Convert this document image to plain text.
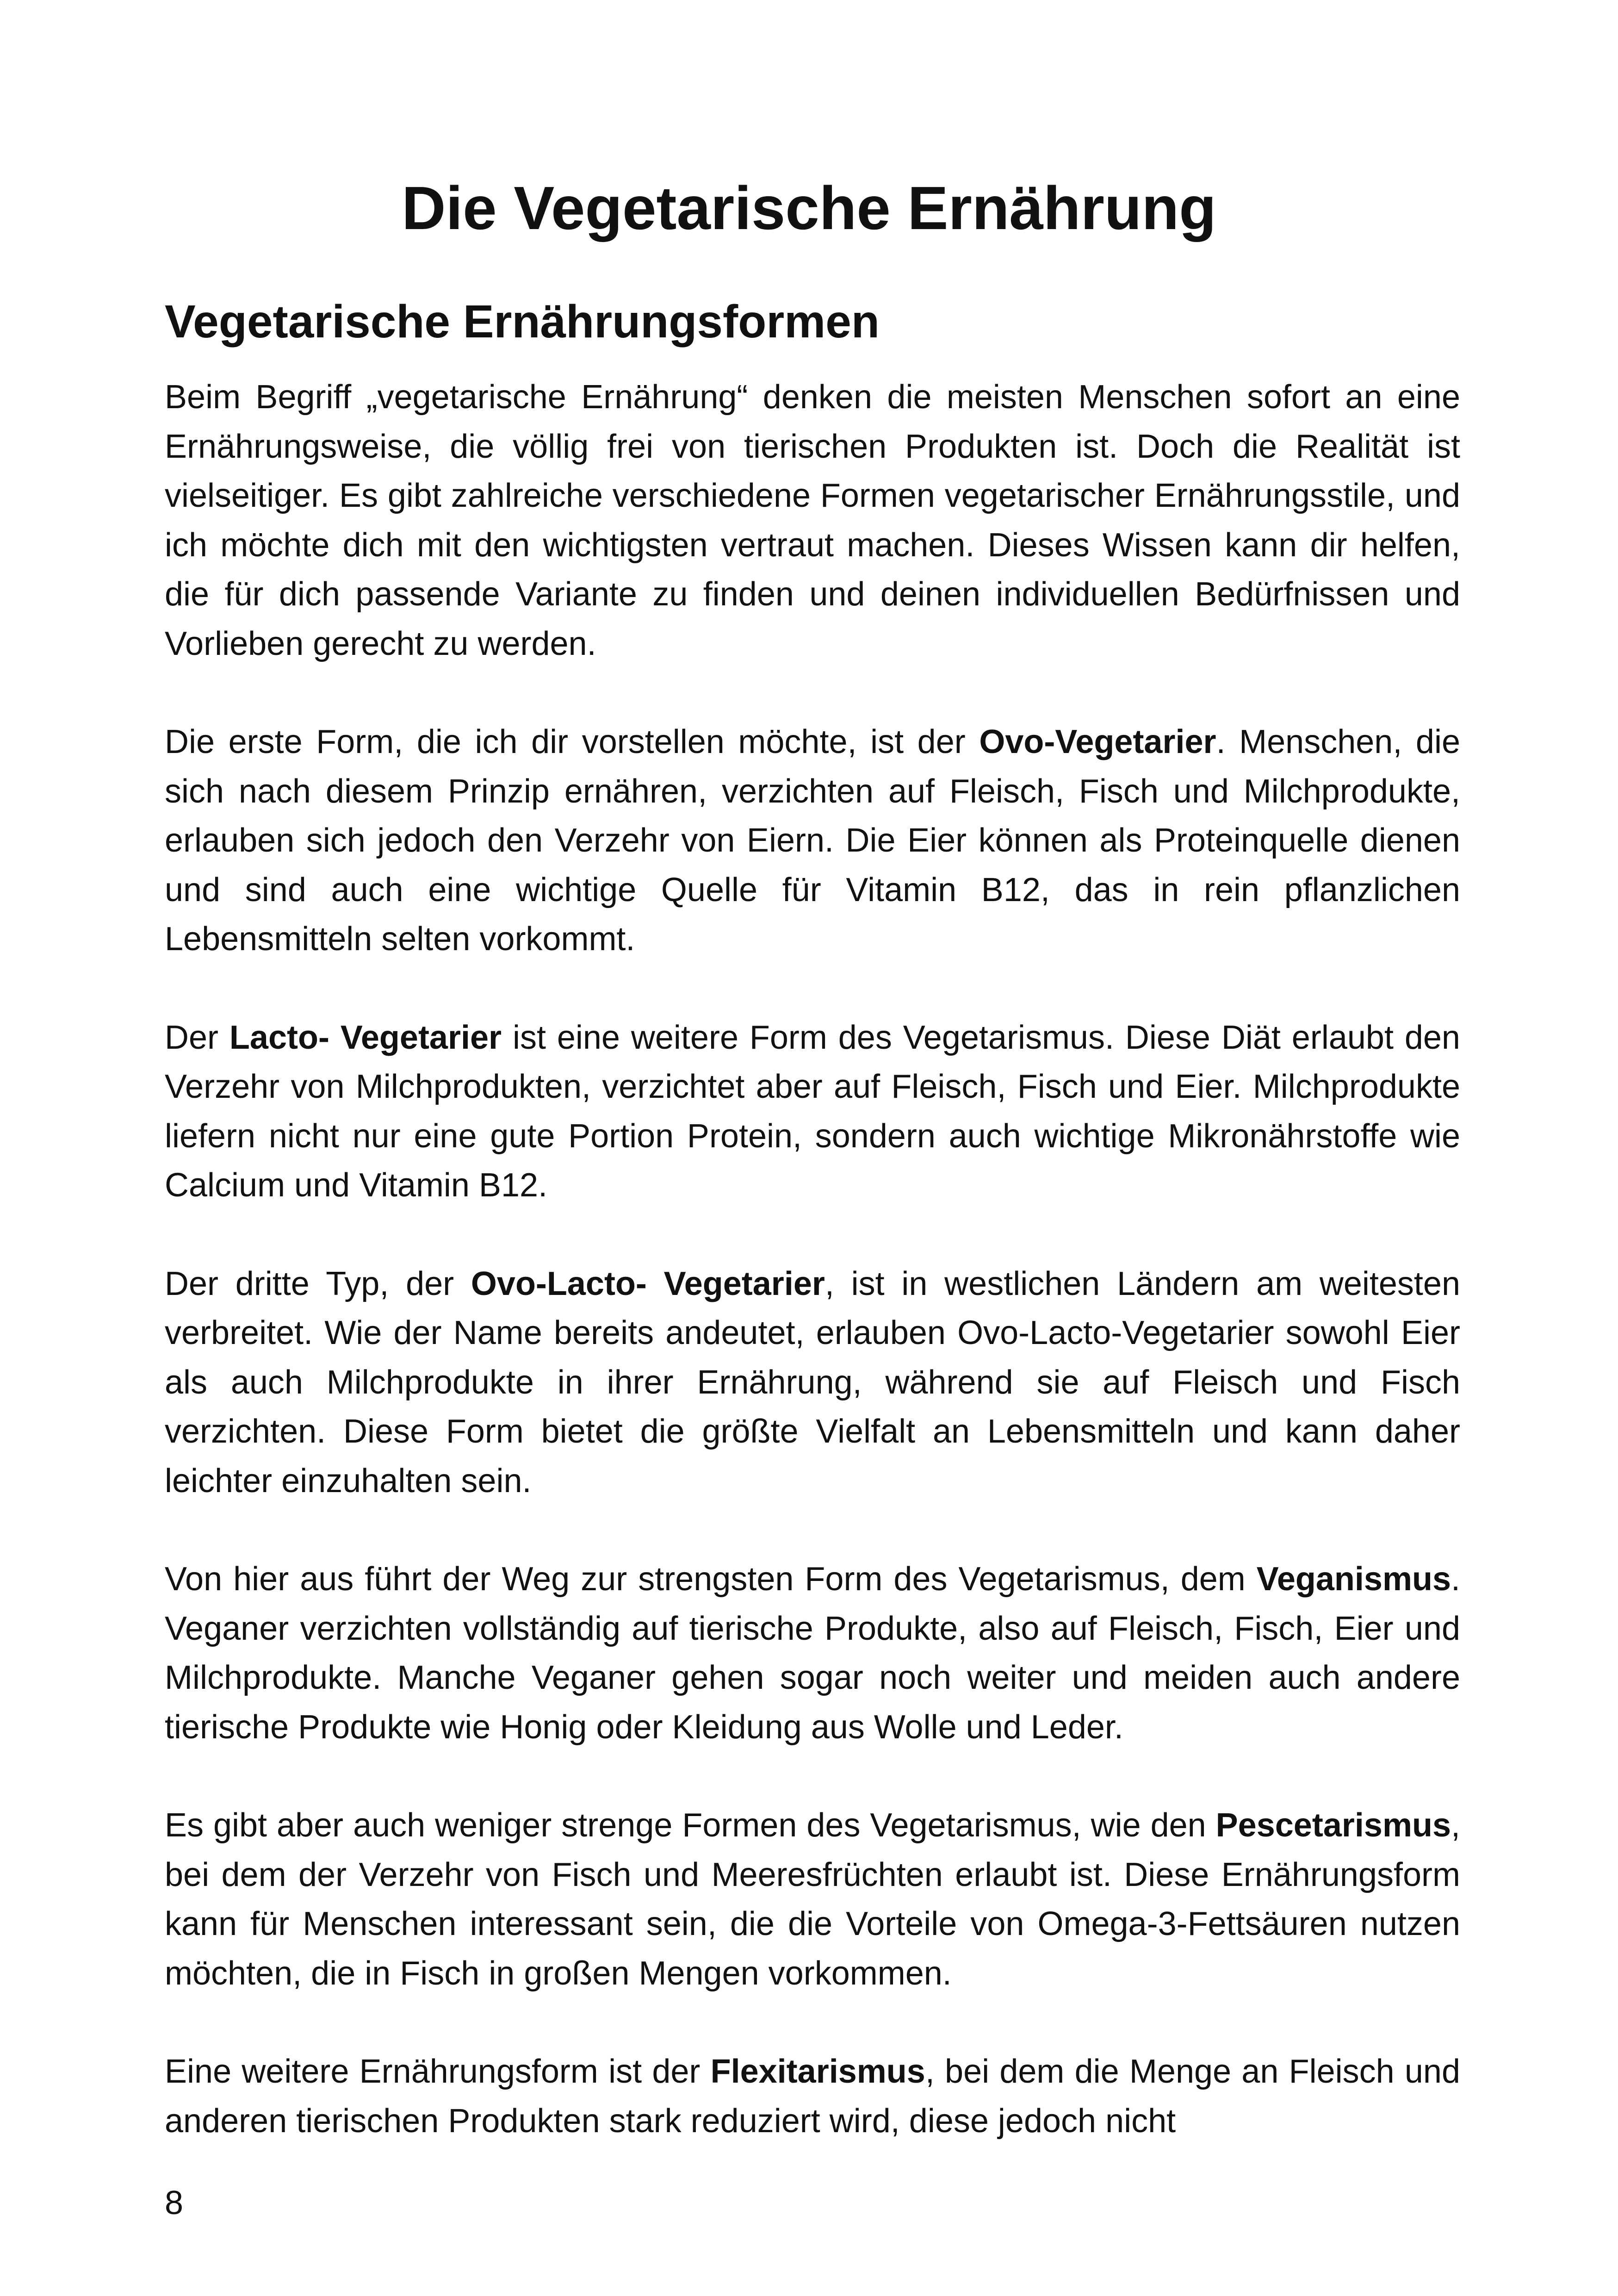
Die Vegetarische Ernährung
Vegetarische Ernährungsformen

Beim Begriff „vegetarische Ernährung“ denken die meisten Menschen sofort an eine Ernährungsweise, die völlig frei von tierischen Produkten ist. Doch die Realität ist vielseitiger. Es gibt zahlreiche verschiedene Formen vegetarischer Ernährungsstile, und ich möchte dich mit den wichtigsten vertraut machen. Dieses Wissen kann dir helfen, die für dich passende Variante zu finden und deinen individuellen Bedürfnissen und Vorlieben gerecht zu werden.

Die erste Form, die ich dir vorstellen möchte, ist der Ovo-Vegetarier. Menschen, die sich nach diesem Prinzip ernähren, verzichten auf Fleisch, Fisch und Milchprodukte, erlauben sich jedoch den Verzehr von Eiern. Die Eier können als Proteinquelle dienen und sind auch eine wichtige Quelle für Vitamin B12, das in rein pflanzlichen Lebensmitteln selten vorkommt.

Der Lacto- Vegetarier ist eine weitere Form des Vegetarismus. Diese Diät erlaubt den Verzehr von Milchprodukten, verzichtet aber auf Fleisch, Fisch und Eier. Milchprodukte liefern nicht nur eine gute Portion Protein, sondern auch wichtige Mikronährstoffe wie Calcium und Vitamin B12.

Der dritte Typ, der Ovo-Lacto- Vegetarier, ist in westlichen Ländern am weitesten verbreitet. Wie der Name bereits andeutet, erlauben Ovo-Lacto-Vegetarier sowohl Eier als auch Milchprodukte in ihrer Ernährung, während sie auf Fleisch und Fisch verzichten. Diese Form bietet die größte Vielfalt an Lebensmitteln und kann daher leichter einzuhalten sein.

Von hier aus führt der Weg zur strengsten Form des Vegetarismus, dem Veganismus. Veganer verzichten vollständig auf tierische Produkte, also auf Fleisch, Fisch, Eier und Milchprodukte. Manche Veganer gehen sogar noch weiter und meiden auch andere tierische Produkte wie Honig oder Kleidung aus Wolle und Leder.

Es gibt aber auch weniger strenge Formen des Vegetarismus, wie den Pescetarismus, bei dem der Verzehr von Fisch und Meeresfrüchten erlaubt ist. Diese Ernährungsform kann für Menschen interessant sein, die die Vorteile von Omega-3-Fettsäuren nutzen möchten, die in Fisch in großen Mengen vorkommen.

Eine weitere Ernährungsform ist der Flexitarismus, bei dem die Menge an Fleisch und anderen tierischen Produkten stark reduziert wird, diese jedoch nicht

8
